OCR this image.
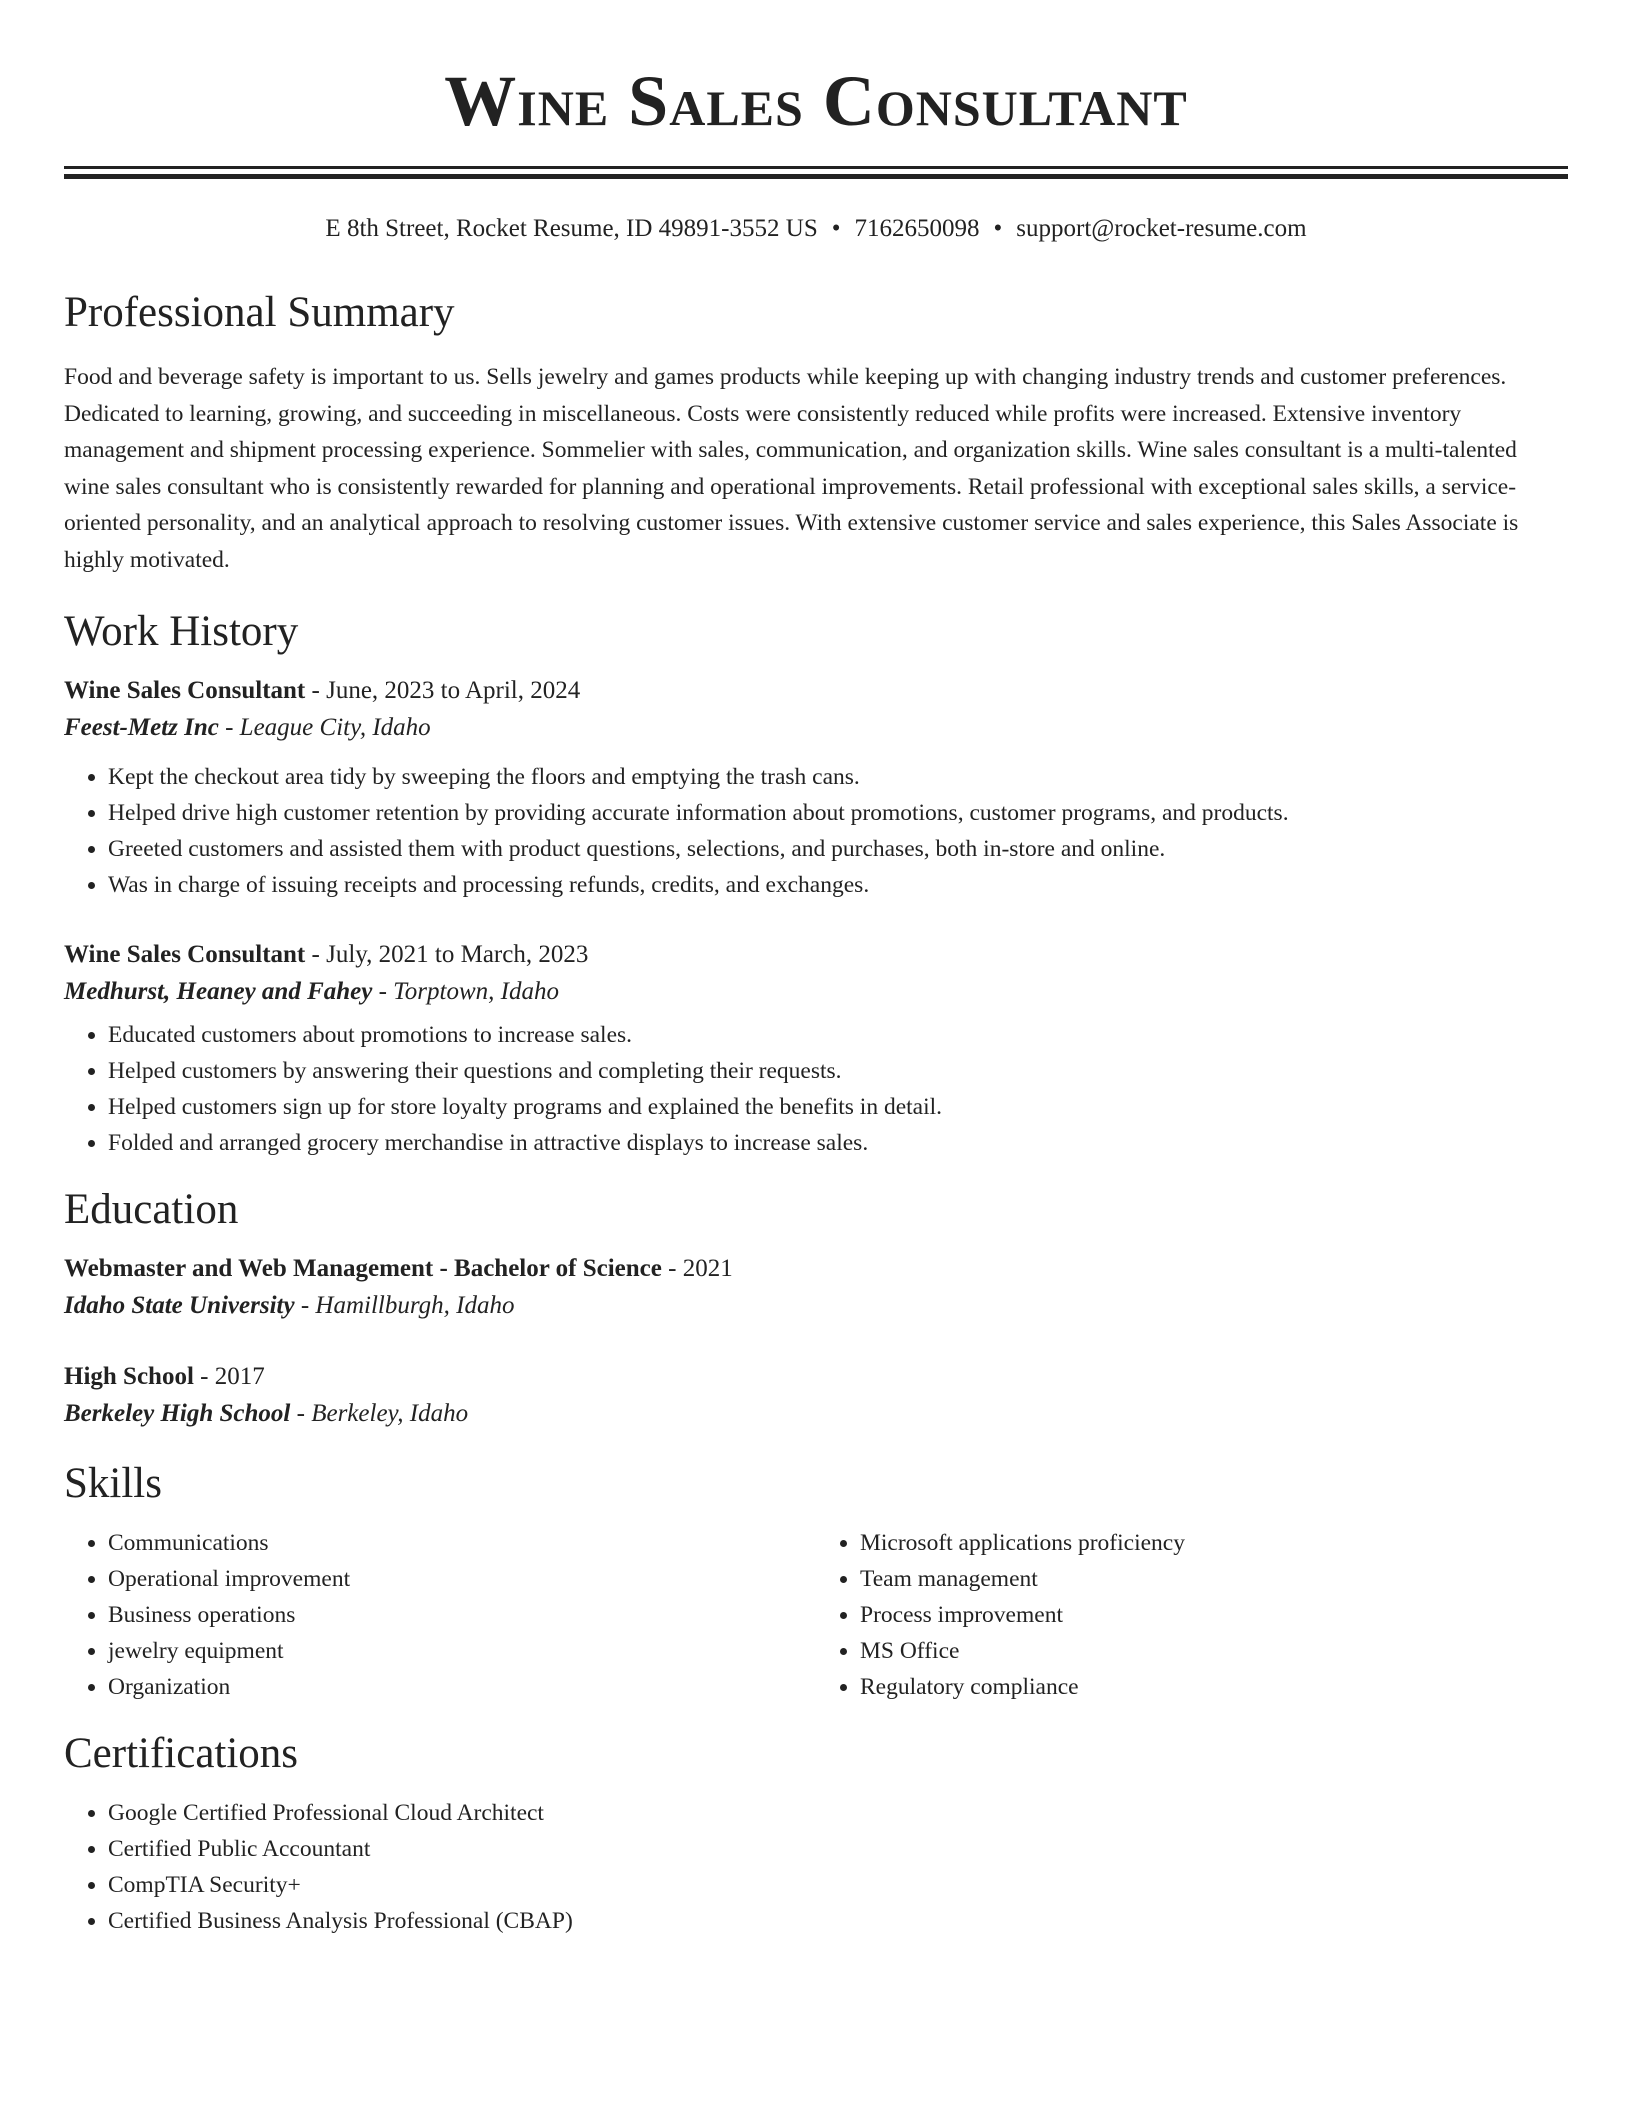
Wine Sales Consultant
E 8th Street, Rocket Resume, ID 49891-3552 US • 7162650098 • support@rocket-resume.com
Professional Summary

Food and beverage safety is important to us. Sells jewelry and games products while keeping up with changing industry trends and customer preferences. Dedicated to learning, growing, and succeeding in miscellaneous. Costs were consistently reduced while profits were increased. Extensive inventory management and shipment processing experience. Sommelier with sales, communication, and organization skills. Wine sales consultant is a multi-talented wine sales consultant who is consistently rewarded for planning and operational improvements. Retail professional with exceptional sales skills, a service-oriented personality, and an analytical approach to resolving customer issues. With extensive customer service and sales experience, this Sales Associate is highly motivated.

Work History
Wine Sales Consultant - June, 2023 to April, 2024
Feest-Metz Inc - League City, Idaho
• Kept the checkout area tidy by sweeping the floors and emptying the trash cans.
• Helped drive high customer retention by providing accurate information about promotions, customer programs, and products.
• Greeted customers and assisted them with product questions, selections, and purchases, both in-store and online.
• Was in charge of issuing receipts and processing refunds, credits, and exchanges.
Wine Sales Consultant - July, 2021 to March, 2023
Medhurst, Heaney and Fahey - Torptown, Idaho
• Educated customers about promotions to increase sales.
• Helped customers by answering their questions and completing their requests.
• Helped customers sign up for store loyalty programs and explained the benefits in detail.
• Folded and arranged grocery merchandise in attractive displays to increase sales.
Education
Webmaster and Web Management - Bachelor of Science - 2021
Idaho State University - Hamillburgh, Idaho
High School - 2017
Berkeley High School - Berkeley, Idaho
Skills
• Communications
• Operational improvement
• Business operations
• jewelry equipment
• Organization
• Microsoft applications proficiency
• Team management
• Process improvement
• MS Office
• Regulatory compliance
Certifications
• Google Certified Professional Cloud Architect
• Certified Public Accountant
• CompTIA Security+
• Certified Business Analysis Professional (CBAP)
